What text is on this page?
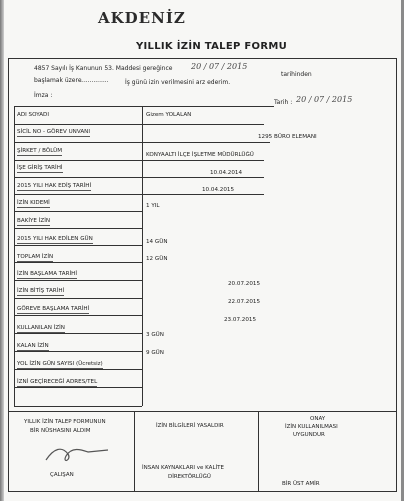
AKDENİZ
YILLIK İZİN TALEP FORMU
4857 Sayılı İş Kanunun 53. Maddesi gereğince 20 / 07 / 2015
tarihinden
başlamak üzere
...............	İş günü izin verilmesini arz ederim.
İmza :
Tarih : 20 / 07 / 2015
ADI SOYADI
SİCİL NO - GÖREV UNVANI
ŞİRKET / BÖLÜM
İŞE GİRİŞ TARİHİ
2015 YILI HAK EDİŞ TARİHİ
İZİN KIDEMİ
BAKİYE İZİN
2015 YILI HAK EDİLEN GÜN
TOPLAM İZİN
İZİN BAŞLAMA TARİHİ
İZİN BİTİŞ TARİHİ
GÖREVE BAŞLAMA TARİHİ
KULLANILAN İZİN
KALAN İZİN
YOL İZİN GÜN SAYISI (Ücretsiz)
İZNİ GEÇİRECEĞİ ADRES/TEL
Gizem YOLALAN
1295 BÜRO ELEMANI
KONYAALTI İLÇE İŞLETME MÜDÜRLÜĞÜ
10.04.2014
10.04.2015
1 YIL
14 GÜN
12 GÜN
20.07.2015
22.07.2015
23.07.2015
3 GÜN
9 GÜN
YILLIK İZİN TALEP FORMUNUN
BİR NÜSHASINI ALDIM
İZİN BİLGİLERİ YASALDIR
ONAY
İZİN KULLANILMASI
UYGUNDUR
ÇALIŞAN
İNSAN KAYNAKLARI ve KALİTE
DİREKTÖRLÜĞÜ
BİR ÜST AMİR
